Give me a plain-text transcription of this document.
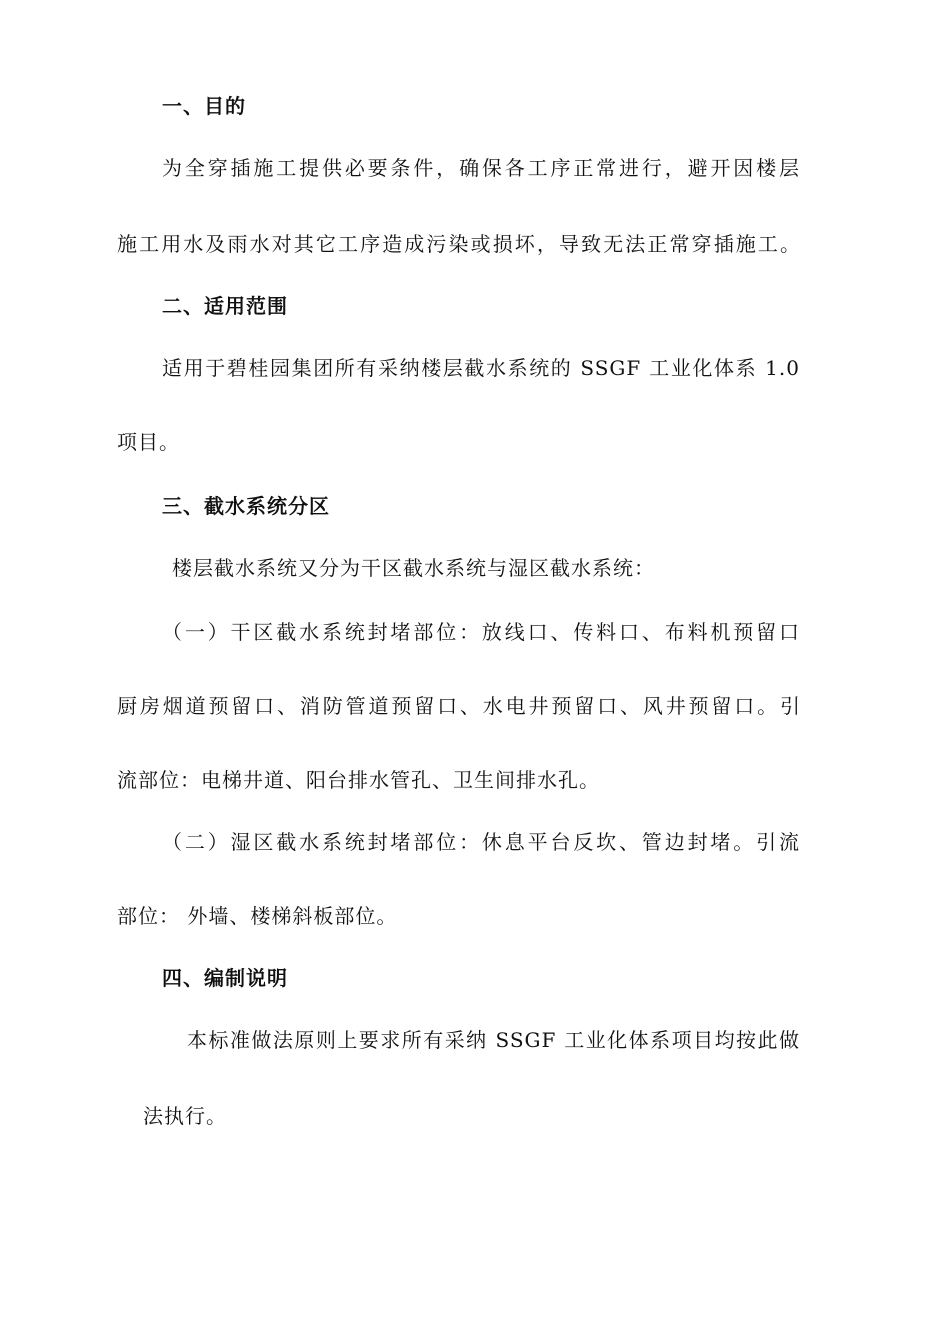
一、目的
为全穿插施工提供必要条件，确保各工序正常进行，避开因楼层
施工用水及雨水对其它工序造成污染或损坏，导致无法正常穿插施工。
二、适用范围
适用于碧桂园集团所有采纳楼层截水系统的 SSGF 工业化体系 1.0
项目。
三、截水系统分区
楼层截水系统又分为干区截水系统与湿区截水系统：
（一）干区截水系统封堵部位：放线口、传料口、布料机预留口
厨房烟道预留口、消防管道预留口、水电井预留口、风井预留口。引
流部位：电梯井道、阳台排水管孔、卫生间排水孔。
（二）湿区截水系统封堵部位：休息平台反坎、管边封堵。引流
部位： 外墙、楼梯斜板部位。
四、编制说明
本标准做法原则上要求所有采纳 SSGF 工业化体系项目均按此做
法执行。
